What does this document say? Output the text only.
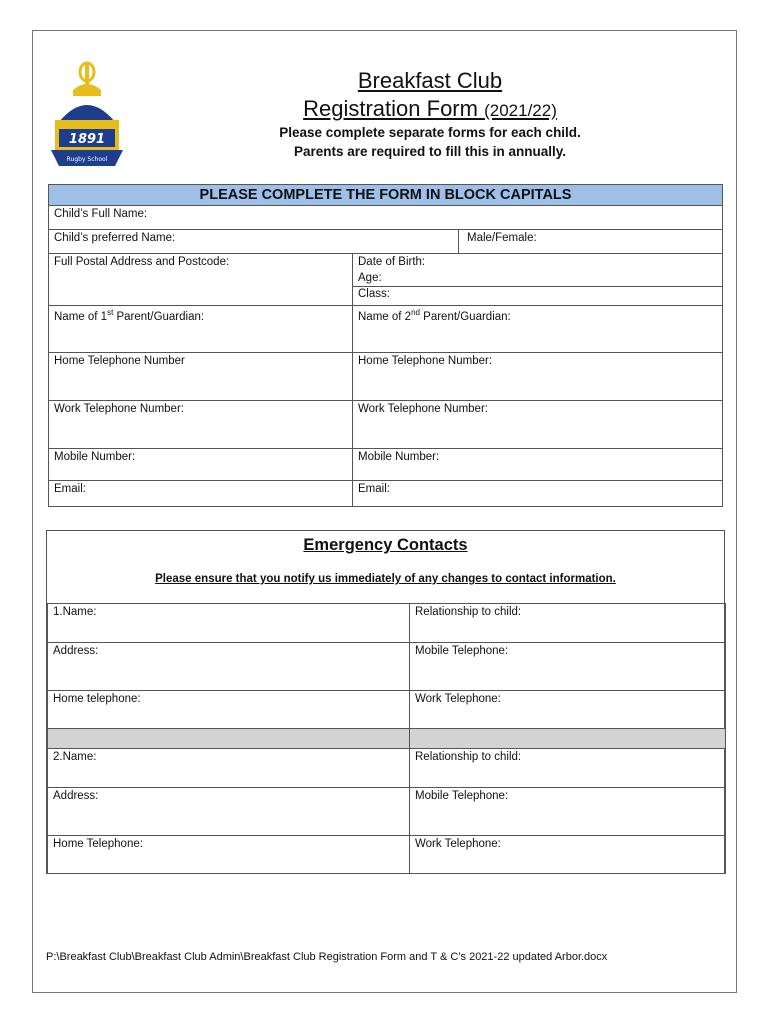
1891
Rugby School
Breakfast Club
Registration Form (2021/22)
Please complete separate forms for each child.
Parents are required to fill this in annually.
PLEASE COMPLETE THE FORM IN BLOCK CAPITALS		
Child’s Full Name:		
Child’s preferred Name:		Male/Female:
Full Postal Address and Postcode:	Date of Birth:
Age:
Class:	

Name of 1st Parent/Guardian:	Name of 2nd Parent/Guardian:	
Home Telephone Number	Home Telephone Number:	
Work Telephone Number:	Work Telephone Number:	
Mobile Number:	Mobile Number:	
Email:	Email:	
Emergency Contacts
Please ensure that you notify us immediately of any changes to contact information.
1.Name:	Relationship to child:
Address:	Mobile Telephone:
Home telephone:	Work Telephone:

2.Name:	Relationship to child:
Address:	Mobile Telephone:
Home Telephone:	Work Telephone:
P:\Breakfast Club\Breakfast Club Admin\Breakfast Club Registration Form and T & C’s 2021-22 updated Arbor.docx
